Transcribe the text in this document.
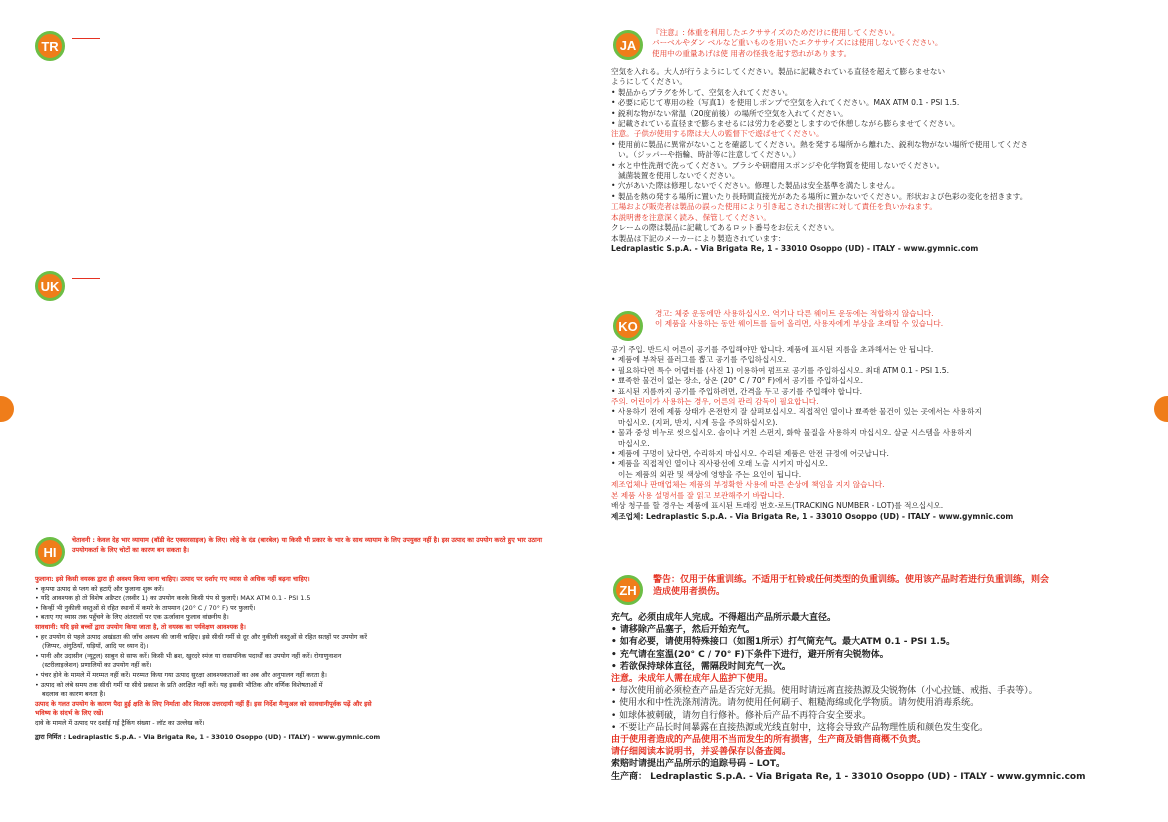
TR
UK
HI
JA
KO
ZH

चेतावनी : केवल देह भार व्यायाम (बॉडी वेट एक्सरसाइज) के लिए। लोहे के दंड (बारबेल) या किसी भी प्रकार के भार के साथ व्यायाम के लिए उपयुक्त नहीं है। इस उत्पाद का उपयोग करते हुए भार उठाना उपयोगकर्ता के लिए चोटों का कारण बन सकता है।

फुलाना: इसे किसी वयस्क द्वारा ही अवश्य किया जाना चाहिए। उत्पाद पर दर्शाए गए व्यास से अधिक नहीं बढ़ना चाहिए।

• कृपया उत्पाद से प्लग को हटाएँ और फुलाना शुरू करें।

• यदि आवश्यक हो तो विशेष अडैप्टर (तस्वीर 1) का उपयोग करके किसी पंप से फुलाएँ। MAX ATM 0.1 - PSI 1.5

• किन्हीं भी नुकीली वस्तुओं से रहित स्थानों में कमरे के तापमान (20° C / 70° F) पर फुलाएँ।

• बताए गए व्यास तक पहुँचने के लिए अंतरालों पर एक ऊर्जावान फुलाव वांछनीय है।

सावधानी: यदि इसे बच्चों द्वारा उपयोग किया जाता है, तो वयस्क का पर्यवेक्षण आवश्यक है।

• हर उपयोग से पहले उत्पाद अखंडता की जाँच अवश्य की जानी चाहिए। इसे सीधी गर्मी से दूर और नुकीली वस्तुओं से रहित सतहों पर उपयोग करें

(जिप्पर, अंगुठियाँ, घड़ियाँ, आदि पर ध्यान दें)।

• पानी और उदासीन (न्यूट्रल) साबुन से साफ करें। किसी भी ब्रश, खुरदरे स्पंज या रासायनिक पदार्थों का उपयोग नहीं करें। रोगाणुनाशन

(स्टरीलाइजेशन) प्रणालियों का उपयोग नहीं करें।

• पंचर होने के मामले में मरम्मत नहीं करें। मरम्मत किया गया उत्पाद सुरक्षा आवश्यकताओं का अब और अनुपालन नहीं करता है।

• उत्पाद को लंबे समय तक सीधी गर्मी या सीधे प्रकाश के प्रति अरक्षित नहीं करें। यह इसकी भौतिक और वर्णिक विशेषताओं में

बदलाव का कारण बनता है।

उत्पाद के गलत उपयोग के कारण पैदा हुई क्षति के लिए निर्माता और वितरक उत्तरदायी नहीं हैं। इस निर्देश मैन्युअल को सावधानीपूर्वक पढ़ें और इसे

भविष्य के संदर्भ के लिए रखें।

दावे के मामले में उत्पाद पर दर्शाई गई ट्रैकिंग संख्या - लॉट का उल्लेख करें।

द्वारा निर्मित : Ledraplastic S.p.A. - Via Brigata Re, 1 - 33010 Osoppo (UD) - ITALY) - www.gymnic.com

『注意』: 体重を利用したエクササイズのためだけに使用してください。

バーベルやダン ベルなど重いものを用いたエクササイズには使用しないでください。

使用中の重量あげは使 用者の怪我を起す恐れがあります。

空気を入れる。大人が行うようにしてください。製品に記載されている直径を超えて膨らませない

ようにしてください。

• 製品からプラグを外して、空気を入れてください。

• 必要に応じて専用の栓（写真1）を使用しポンプで空気を入れてください。MAX ATM 0.1 - PSI 1.5.

• 鋭利な物がない常温（20度前後）の場所で空気を入れてください。

• 記載されている直径まで膨らませるには労力を必要としますので休憩しながら膨らませてください。

注意。子供が使用する際は大人の監督下で遊ばせてください。

• 使用前に製品に異常がないことを確認してください。熱を発する場所から離れた、鋭利な物がない場所で使用してくださ

い。（ジッパーや指輪、時計等に注意してください。）

• 水と中性洗剤で洗ってください。ブラシや研磨用スポンジや化学物質を使用しないでください。

滅菌装置を使用しないでください。

• 穴があいた際は修理しないでください。修理した製品は安全基準を満たしません。

• 製品を熱の発する場所に置いたり長時間直接光があたる場所に置かないでください。形状および色彩の変化を招きます。

工場および販売者は製品の誤った使用により引き起こされた損害に対して責任を負いかねます。

本説明書を注意深く読み、保管してください。

クレームの際は製品に記載してあるロット番号をお伝えください。

本製品は下記のメーカーにより製造されています：

Ledraplastic S.p.A. - Via Brigata Re, 1 - 33010 Osoppo (UD) - ITALY - www.gymnic.com

경고: 체중 운동에만 사용하십시오. 역기나 다른 웨이트 운동에는 적합하지 않습니다.

이 제품을 사용하는 동안 웨이트를 들어 올리면, 사용자에게 부상을 초래할 수 있습니다.

공기 주입. 반드시 어른이 공기를 주입해야만 합니다. 제품에 표시된 지름을 초과해서는 안 됩니다.

• 제품에 부착된 플러그를 뽑고 공기를 주입하십시오.

• 필요하다면 특수 어댑터를 (사진 1) 이용하여 펌프로 공기를 주입하십시오. 최대 ATM 0.1 - PSI 1.5.

• 뾰족한 물건이 없는 장소, 상온 (20° C / 70° F)에서 공기를 주입하십시오.

• 표시된 지름까지 공기를 주입하려면, 간격을 두고 공기를 주입해야 합니다.

주의. 어린이가 사용하는 경우, 어른의 관리 감독이 필요합니다.

• 사용하기 전에 제품 상태가 온전한지 잘 살펴보십시오. 직접적인 열이나 뾰족한 물건이 있는 곳에서는 사용하지

마십시오. (지퍼, 반지, 시계 등을 주의하십시오).

• 물과 중성 비누로 씻으십시오. 솔이나 거친 스펀지, 화학 물질을 사용하지 마십시오. 살균 시스템을 사용하지

마십시오.

• 제품에 구멍이 났다면, 수리하지 마십시오. 수리된 제품은 안전 규정에 어긋납니다.

• 제품을 직접적인 열이나 직사광선에 오래 노출 시키지 마십시오.

이는 제품의 외관 및 색상에 영향을 주는 요인이 됩니다.

제조업체나 판매업체는 제품의 부정확한 사용에 따른 손상에 책임을 지지 않습니다.

본 제품 사용 설명서를 잘 읽고 보관해주기 바랍니다.

배상 청구를 할 경우는 제품에 표시된 트래킹 번호-로트(TRACKING NUMBER - LOT)를 적으십시오.

제조업체: Ledraplastic S.p.A. - Via Brigata Re, 1 - 33010 Osoppo (UD) - ITALY - www.gymnic.com

警告：仅用于体重训练。不适用于杠铃或任何类型的负重训练。使用该产品时若进行负重训练，则会

造成使用者损伤。

充气。必须由成年人完成。不得超出产品所示最大直径。

• 请移除产品塞子，然后开始充气。

• 如有必要，请使用特殊接口（如图1所示）打气筒充气。最大ATM 0.1 - PSI 1.5。

• 充气请在室温(20° C / 70° F)下条件下进行，避开所有尖锐物体。

• 若欲保持球体直径，需隔段时间充气一次。

注意。未成年人需在成年人监护下使用。

• 每次使用前必须检查产品是否完好无损。使用时请远离直接热源及尖锐物体（小心拉链、戒指、手表等）。

• 使用水和中性洗涤剂清洗。请勿使用任何刷子、粗糙海绵或化学物质。请勿使用消毒系统。

• 如球体被刺破，请勿自行修补。修补后产品不再符合安全要求。

• 不要让产品长时间暴露在直接热源或光线直射中，这将会导致产品物理性质和颜色发生变化。

由于使用者造成的产品使用不当而发生的所有损害，生产商及销售商概不负责。

请仔细阅读本说明书，并妥善保存以备查阅。

索赔时请提出产品所示的追踪号码 – LOT。

生产商： Ledraplastic S.p.A. - Via Brigata Re, 1 - 33010 Osoppo (UD) - ITALY - www.gymnic.com
